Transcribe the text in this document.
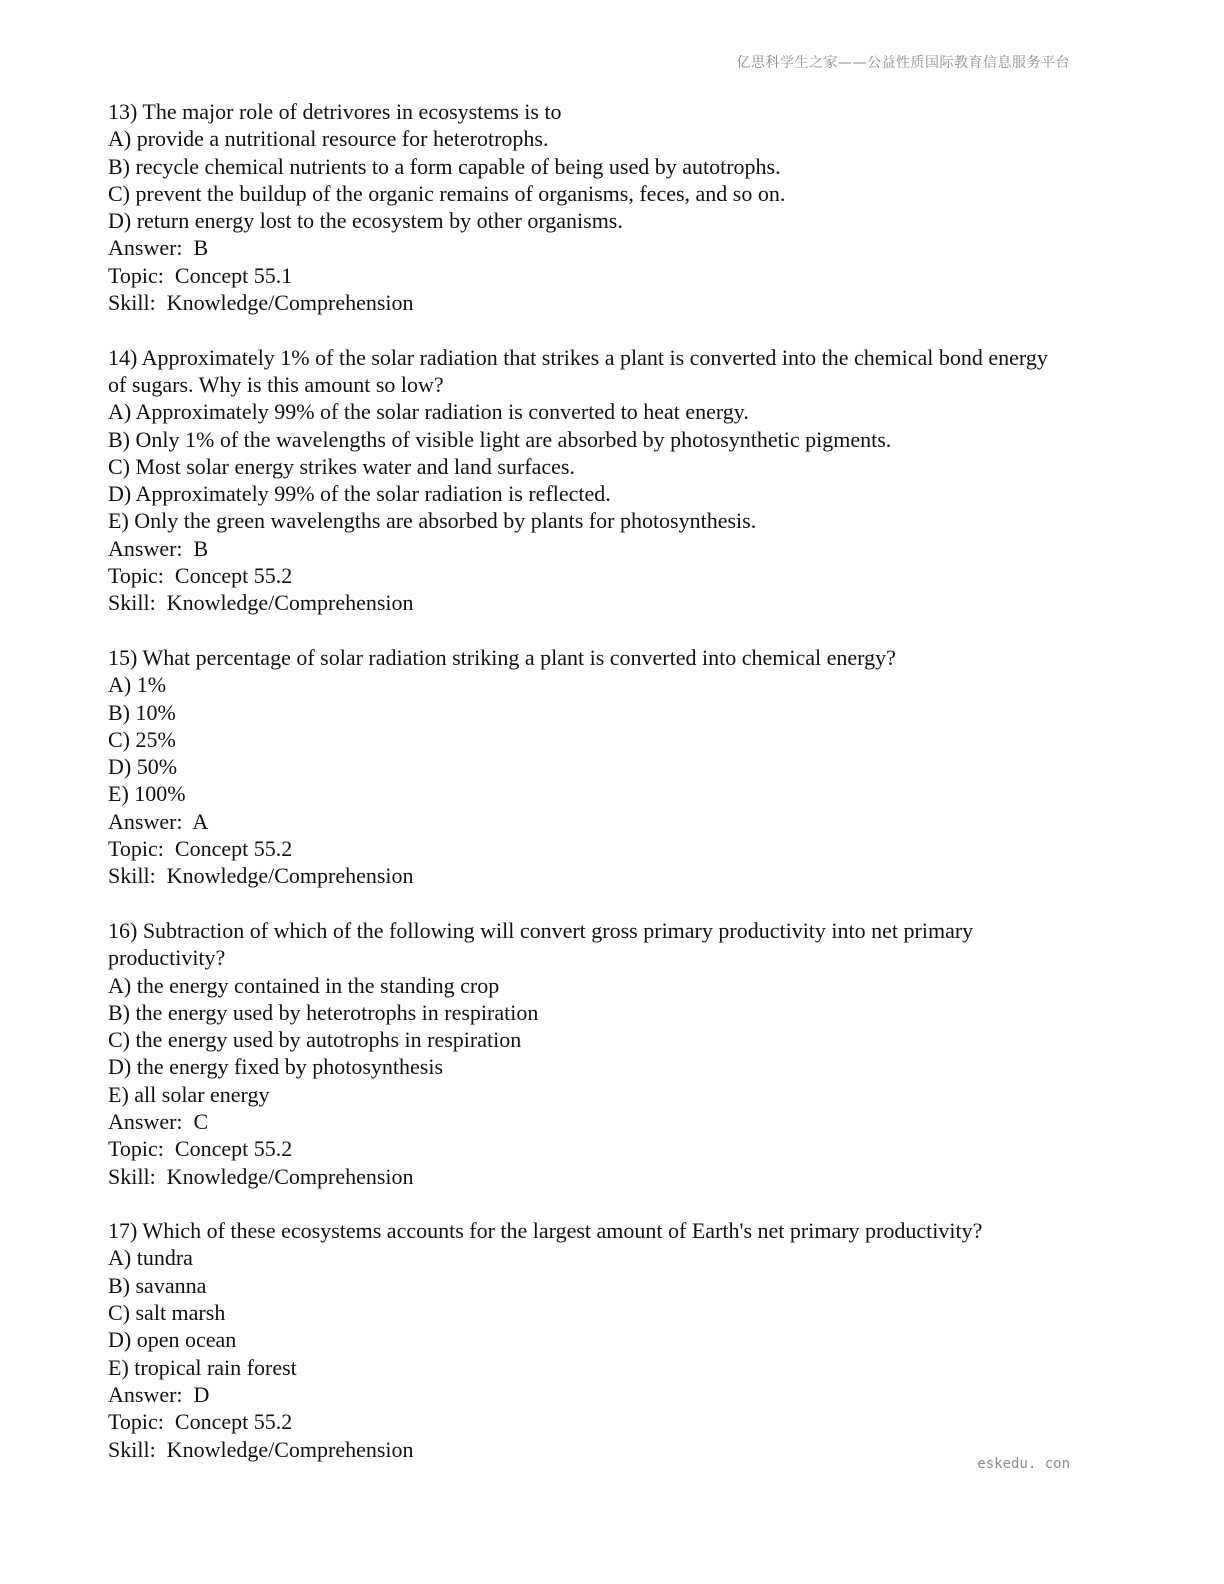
亿思科学生之家——公益性质国际教育信息服务平台
13) The major role of detrivores in ecosystems is to
A) provide a nutritional resource for heterotrophs.
B) recycle chemical nutrients to a form capable of being used by autotrophs.
C) prevent the buildup of the organic remains of organisms, feces, and so on.
D) return energy lost to the ecosystem by other organisms.
Answer:  B
Topic:  Concept 55.1
Skill:  Knowledge/Comprehension
14) Approximately 1% of the solar radiation that strikes a plant is converted into the chemical bond energy of sugars. Why is this amount so low?
A) Approximately 99% of the solar radiation is converted to heat energy.
B) Only 1% of the wavelengths of visible light are absorbed by photosynthetic pigments.
C) Most solar energy strikes water and land surfaces.
D) Approximately 99% of the solar radiation is reflected.
E) Only the green wavelengths are absorbed by plants for photosynthesis.
Answer:  B
Topic:  Concept 55.2
Skill:  Knowledge/Comprehension
15) What percentage of solar radiation striking a plant is converted into chemical energy?
A) 1%
B) 10%
C) 25%
D) 50%
E) 100%
Answer:  A
Topic:  Concept 55.2
Skill:  Knowledge/Comprehension
16) Subtraction of which of the following will convert gross primary productivity into net primary productivity?
A) the energy contained in the standing crop
B) the energy used by heterotrophs in respiration
C) the energy used by autotrophs in respiration
D) the energy fixed by photosynthesis
E) all solar energy
Answer:  C
Topic:  Concept 55.2
Skill:  Knowledge/Comprehension
17) Which of these ecosystems accounts for the largest amount of Earth's net primary productivity?
A) tundra
B) savanna
C) salt marsh
D) open ocean
E) tropical rain forest
Answer:  D
Topic:  Concept 55.2
Skill:  Knowledge/Comprehension
eskedu. con
